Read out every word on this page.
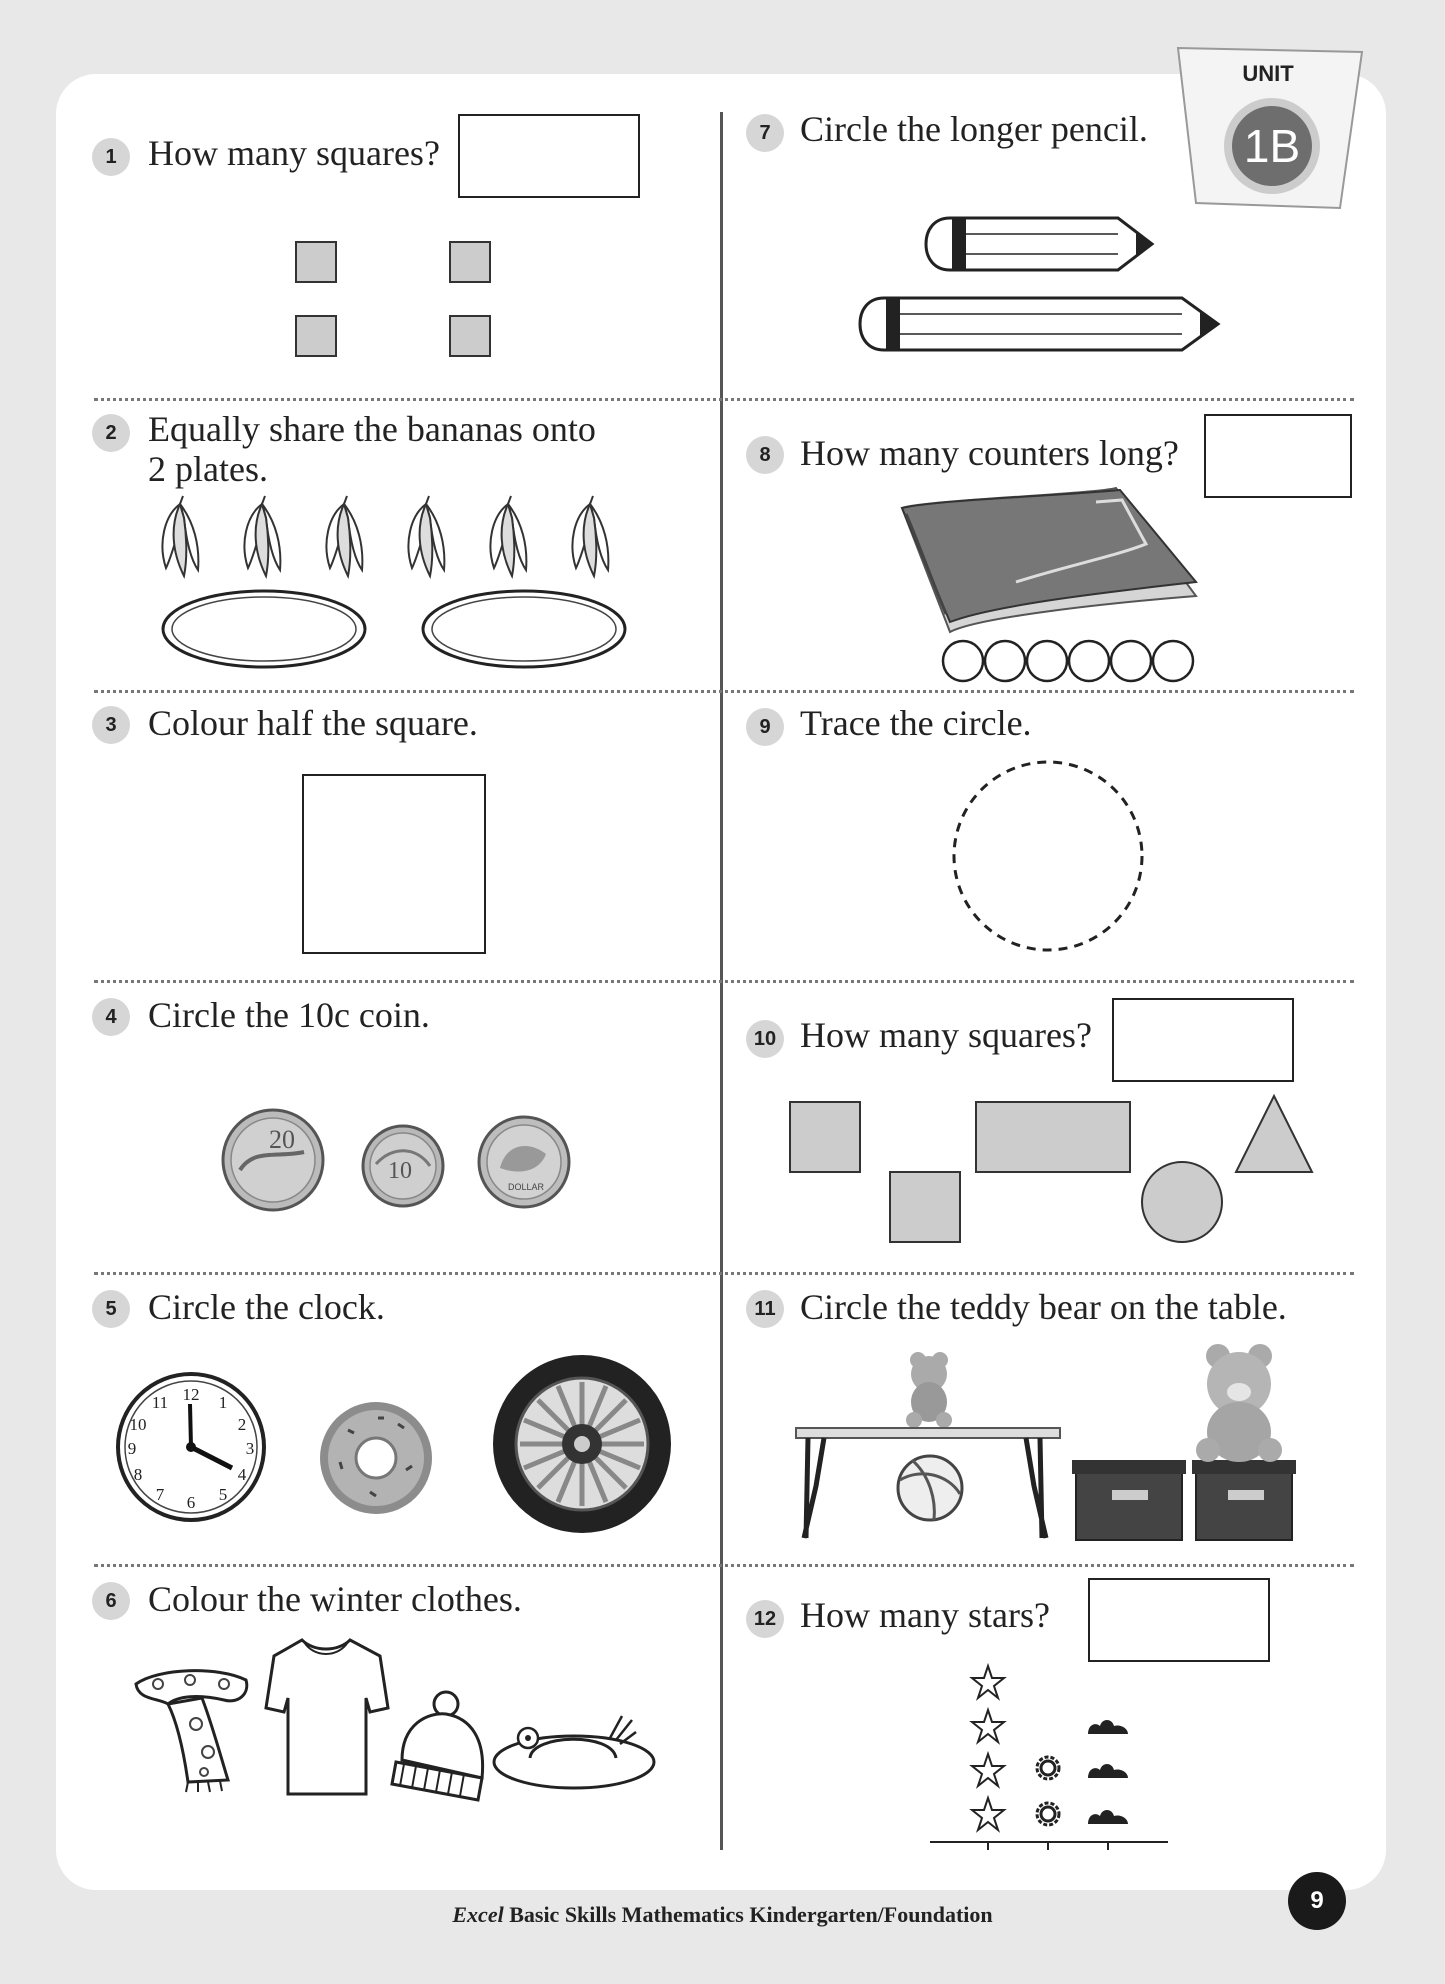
UNIT
1B
1 How many squares?
2 Equally share the bananas onto
2 plates.
3 Colour half the square.
4 Circle the 10c coin.
20
10
DOLLAR
5 Circle the clock.
12 1
2
3
4
5
6
7
8
9
10
11
6 Colour the winter clothes.
7 Circle the longer pencil.
8 How many counters long?
9 Trace the circle.
10 How many squares?
11 Circle the teddy bear on the table.
12 How many stars?
Excel Basic Skills Mathematics Kindergarten/Foundation
9
